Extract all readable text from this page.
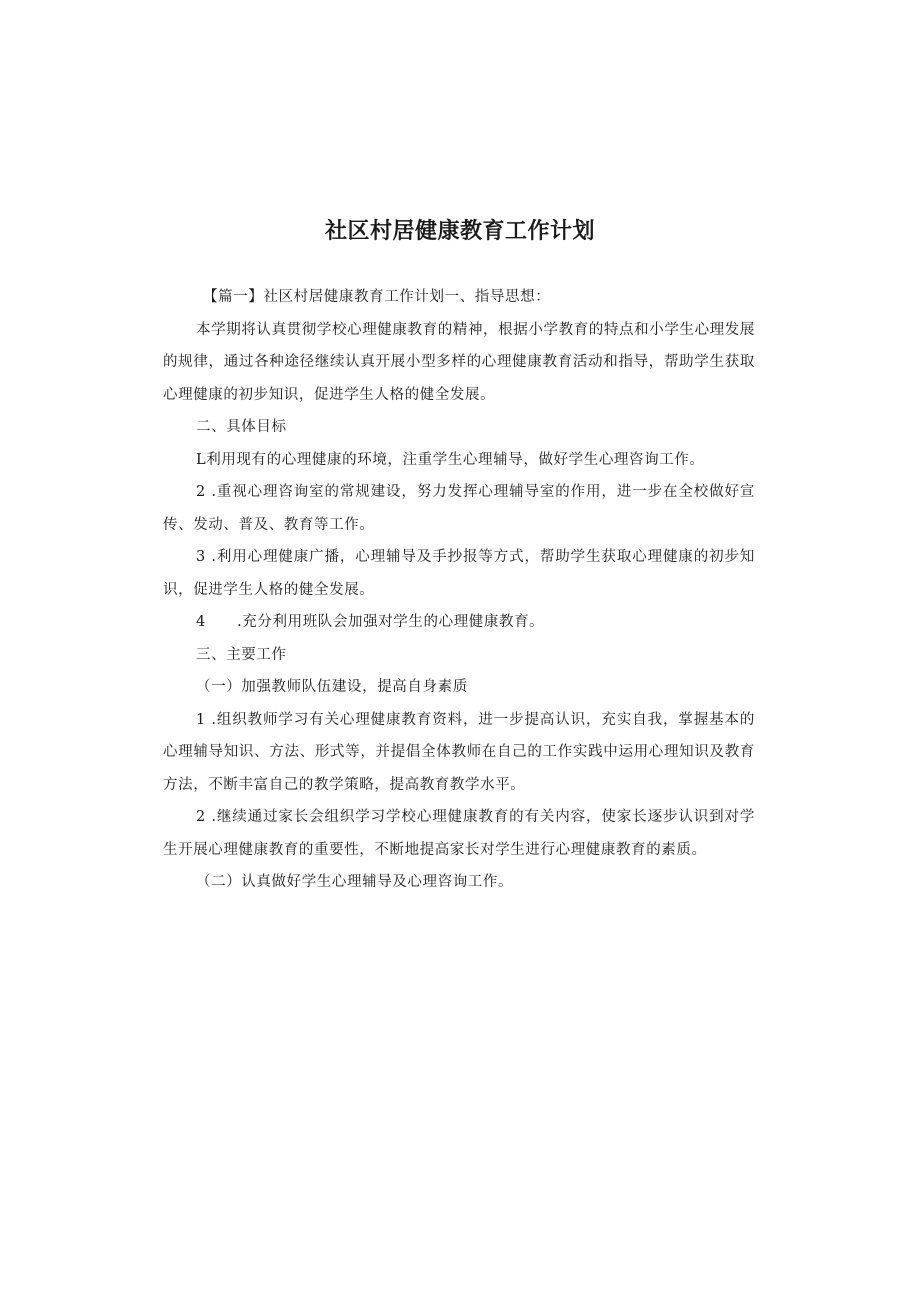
社区村居健康教育工作计划

【篇一】社区村居健康教育工作计划一、指导思想：

本学期将认真贯彻学校心理健康教育的精神，根据小学教育的特点和小学生心理发展的规律，通过各种途径继续认真开展小型多样的心理健康教育活动和指导，帮助学生获取心理健康的初步知识，促进学生人格的健全发展。

二、具体目标

L利用现有的心理健康的环境，注重学生心理辅导，做好学生心理咨询工作。

2 .重视心理咨询室的常规建设，努力发挥心理辅导室的作用，进一步在全校做好宣传、发动、普及、教育等工作。

3 .利用心理健康广播，心理辅导及手抄报等方式，帮助学生获取心理健康的初步知识，促进学生人格的健全发展。

4      .充分利用班队会加强对学生的心理健康教育。

三、主要工作

（一）加强教师队伍建设，提高自身素质

1 .组织教师学习有关心理健康教育资料，进一步提高认识，充实自我，掌握基本的心理辅导知识、方法、形式等，并提倡全体教师在自己的工作实践中运用心理知识及教育方法，不断丰富自己的教学策略，提高教育教学水平。

2 .继续通过家长会组织学习学校心理健康教育的有关内容，使家长逐步认识到对学生开展心理健康教育的重要性，不断地提高家长对学生进行心理健康教育的素质。

（二）认真做好学生心理辅导及心理咨询工作。
